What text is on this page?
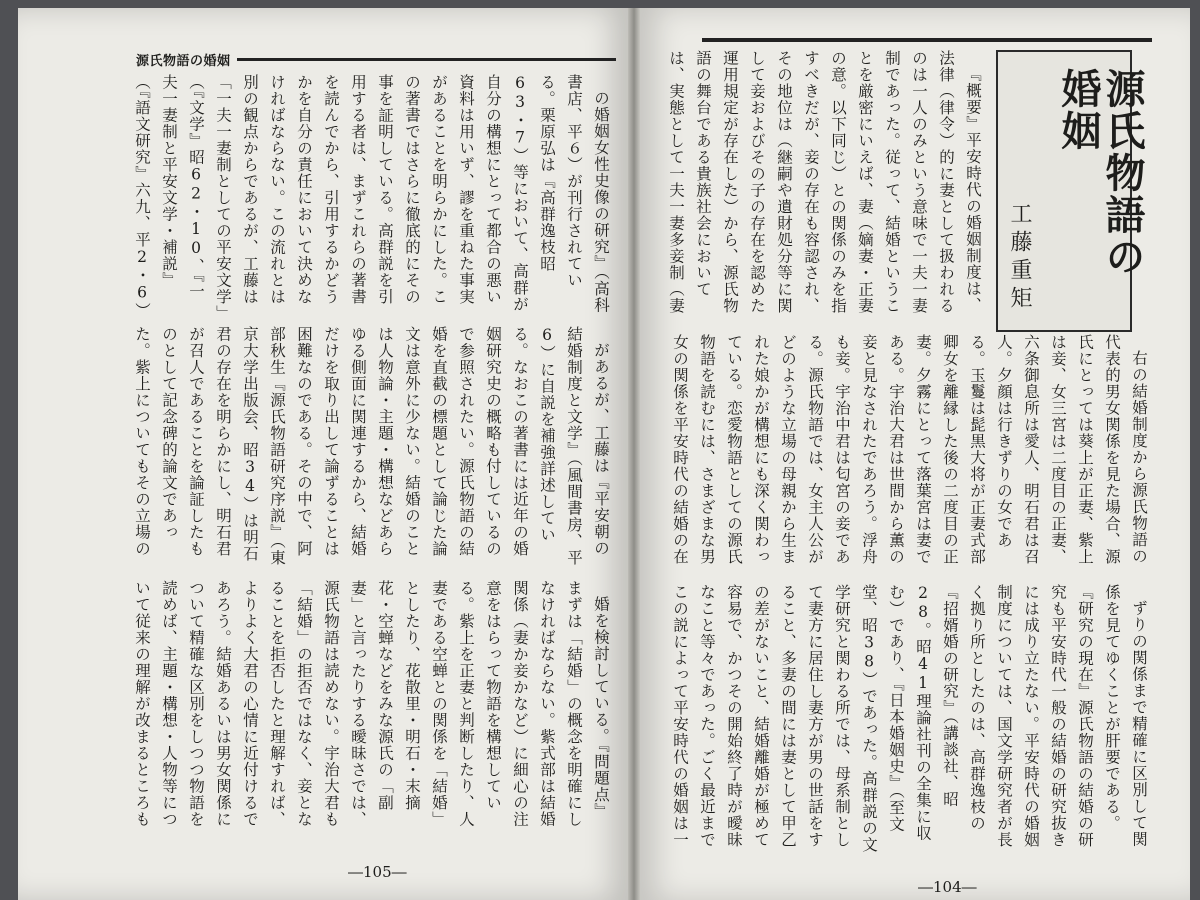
源氏物語の婚姻

の婚姻女性史像の研究』（高科書店、平６）が刊行されている。栗原弘は『高群逸枝昭63・7）等において、高群が自分の構想にとって都合の悪い資料は用いず、謬を重ねた事実があることを明らかにした。この著書ではさらに徹底的にその事を証明している。高群説を引用する者は、まずこれらの著書を読んでから、引用するかどうかを自分の責任において決めなければならない。この流れとは別の観点からであるが、工藤は「一夫一妻制としての平安文学」（『文学』昭62・10、『一夫一妻制と平安文学・補説』（『語文研究』六九、平2・6）

があるが、工藤は『平安朝の結婚制度と文学』（風間書房、平6）に自説を補強詳述している。なおこの著書には近年の婚姻研究史の概略も付しているので参照されたい。源氏物語の結婚を直截の標題として論じた論文は意外に少ない。結婚のことは人物論・主題・構想などあらゆる側面に関連するから、結婚だけを取り出して論ずることは困難なのである。その中で、阿部秋生『源氏物語研究序説』（東京大学出版会、昭34）は明石君の存在を明らかにし、明石君が召人であることを論証したものとして記念碑的論文であった。紫上についてもその立場の

婚を検討している。『問題点』まずは「結婚」の概念を明確にしなければならない。紫式部は結婚関係（妻か妾かなど）に細心の注意をはらって物語を構想している。紫上を正妻と判断したり、人妻である空蝉との関係を「結婚」としたり、花散里・明石・末摘花・空蝉などをみな源氏の「副妻」と言ったりする曖昧さでは、源氏物語は読めない。宇治大君も「結婚」の拒否ではなく、妾となることを拒否したと理解すれば、よりよく大君の心情に近付けるであろう。結婚あるいは男女関係について精確な区別をしつつ物語を読めば、主題・構想・人物等について従来の理解が改まるところも

―105―
源氏物語の婚姻
工藤重矩

『概要』平安時代の婚姻制度は、法律（律令）的に妻として扱われるのは一人のみという意味で一夫一妻制であった。従って、結婚ということを厳密にいえば、妻（嫡妻・正妻の意。以下同じ）との関係のみを指すべきだが、妾の存在も容認され、その地位は（継嗣や遺財処分等に関して妾およびその子の存在を認めた運用規定が存在した）から、源氏物語の舞台である貴族社会においては、実態として一夫一妻多妾制（妻

右の結婚制度から源氏物語の代表的男女関係を見た場合、源氏にとっては葵上が正妻、紫上は妾、女三宮は二度目の正妻、六条御息所は愛人、明石君は召人。夕顔は行きずりの女である。玉鬘は髭黒大将が正妻式部卿女を離縁した後の二度目の正妻。夕霧にとって落葉宮は妻である。宇治大君は世間から薫の妾と見なされたであろう。浮舟も妾。宇治中君は匂宮の妾である。源氏物語では、女主人公がどのような立場の母親から生まれた娘かが構想にも深く関わっている。恋愛物語としての源氏物語を読むには、さまざまな男女の関係を平安時代の結婚の在

ずりの関係まで精確に区別して関係を見てゆくことが肝要である。『研究の現在』源氏物語の結婚の研究も平安時代一般の結婚の研究抜きには成り立たない。平安時代の婚姻制度については、国文学研究者が長く拠り所としたのは、高群逸枝の『招婿婚の研究』（講談社、昭28。昭41理論社刊の全集に収む）であり、『日本婚姻史』（至文堂、昭38）であった。高群説の文学研究と関わる所では、母系制として妻方に居住し妻方が男の世話をすること、多妻の間には妻として甲乙の差がないこと、結婚離婚が極めて容易で、かつその開始終了時が曖昧なこと等々であった。ごく最近までこの説によって平安時代の婚姻は一

―104―
